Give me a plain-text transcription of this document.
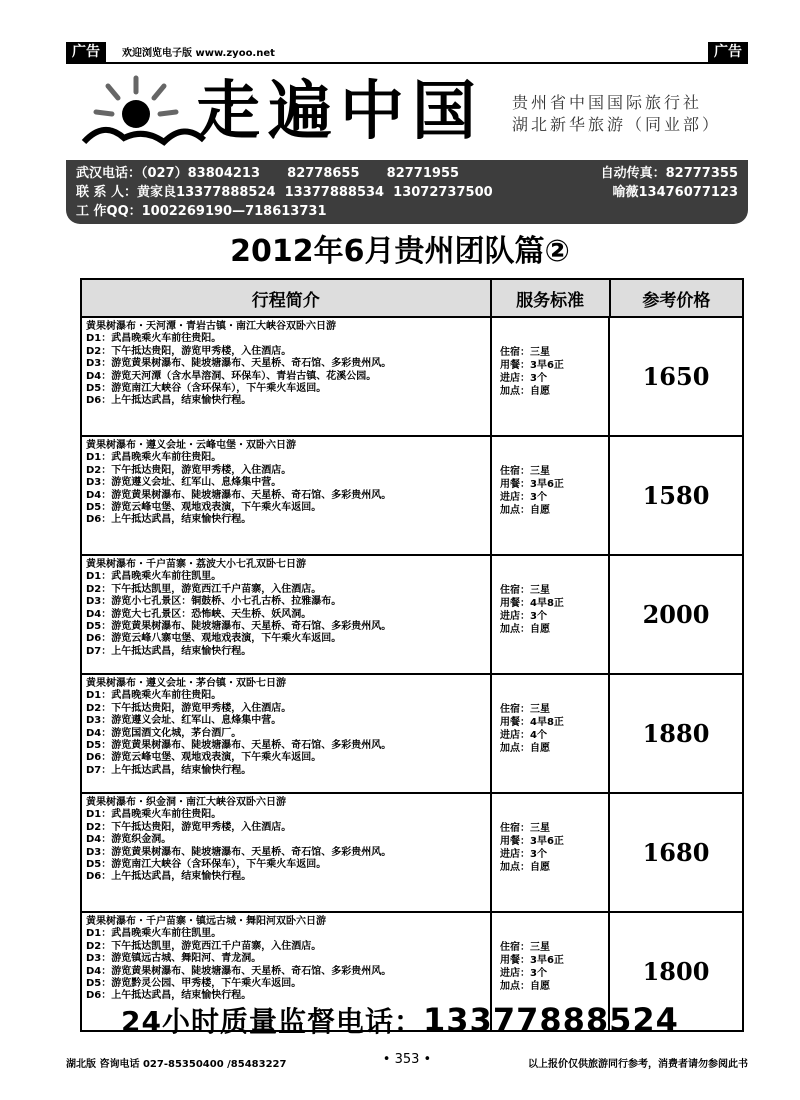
广告	欢迎浏览电子版 www.zyoo.net	广告
走遍中国 贵州省中国国际旅行社
湖北新华旅游（同业部）
武汉电话：（027）83804213      82778655      82771955	自动传真：82777355
联 系 人：黄家良13377888524  13377888534  13072737500	喻薇13476077123
工 作QQ：1002269190—718613731
2012年6月贵州团队篇②
行程简介	服务标准	参考价格
黄果树瀑布・天河潭・青岩古镇・南江大峡谷双卧六日游
D1：武昌晚乘火车前往贵阳。
D2：下午抵达贵阳，游览甲秀楼，入住酒店。
D3：游览黄果树瀑布、陡坡塘瀑布、天星桥、奇石馆、多彩贵州风。
D4：游览天河潭（含水旱溶洞、环保车）、青岩古镇、花溪公园。
D5：游览南江大峡谷（含环保车），下午乘火车返回。
D6：上午抵达武昌，结束愉快行程。
住宿：三星
用餐：3早6正
进店：3个
加点：自愿
1650
黄果树瀑布・遵义会址・云峰屯堡・双卧六日游
D1：武昌晚乘火车前往贵阳。
D2：下午抵达贵阳，游览甲秀楼，入住酒店。
D3：游览遵义会址、红军山、息烽集中营。
D4：游览黄果树瀑布、陡坡塘瀑布、天星桥、奇石馆、多彩贵州风。
D5：游览云峰屯堡、观地戏表演，下午乘火车返回。
D6：上午抵达武昌，结束愉快行程。
住宿：三星
用餐：3早6正
进店：3个
加点：自愿
1580
黄果树瀑布・千户苗寨・荔波大小七孔双卧七日游
D1：武昌晚乘火车前往凯里。
D2：下午抵达凯里，游览西江千户苗寨，入住酒店。
D3：游览小七孔景区：铜鼓桥、小七孔古桥、拉雅瀑布。
D4：游览大七孔景区：恐怖峡、天生桥、妖风洞。
D5：游览黄果树瀑布、陡坡塘瀑布、天星桥、奇石馆、多彩贵州风。
D6：游览云峰八寨屯堡、观地戏表演，下午乘火车返回。
D7：上午抵达武昌，结束愉快行程。
住宿：三星
用餐：4早8正
进店：3个
加点：自愿
2000
黄果树瀑布・遵义会址・茅台镇・双卧七日游
D1：武昌晚乘火车前往贵阳。
D2：下午抵达贵阳，游览甲秀楼，入住酒店。
D3：游览遵义会址、红军山、息烽集中营。
D4：游览国酒文化城，茅台酒厂。
D5：游览黄果树瀑布、陡坡塘瀑布、天星桥、奇石馆、多彩贵州风。
D6：游览云峰屯堡、观地戏表演，下午乘火车返回。
D7：上午抵达武昌，结束愉快行程。
住宿：三星
用餐：4早8正
进店：4个
加点：自愿
1880
黄果树瀑布・织金洞・南江大峡谷双卧六日游
D1：武昌晚乘火车前往贵阳。
D2：下午抵达贵阳，游览甲秀楼，入住酒店。
D4：游览织金洞。
D3：游览黄果树瀑布、陡坡塘瀑布、天星桥、奇石馆、多彩贵州风。
D5：游览南江大峡谷（含环保车），下午乘火车返回。
D6：上午抵达武昌，结束愉快行程。
住宿：三星
用餐：3早6正
进店：3个
加点：自愿
1680
黄果树瀑布・千户苗寨・镇远古城・舞阳河双卧六日游
D1：武昌晚乘火车前往凯里。
D2：下午抵达凯里，游览西江千户苗寨，入住酒店。
D3：游览镇远古城、舞阳河、青龙洞。
D4：游览黄果树瀑布、陡坡塘瀑布、天星桥、奇石馆、多彩贵州风。
D5：游览黔灵公园、甲秀楼，下午乘火车返回。
D6：上午抵达武昌，结束愉快行程。
住宿：三星
用餐：3早6正
进店：3个
加点：自愿
1800
24小时质量监督电话：13377888524
湖北版 咨询电话 027-85350400 /85483227	• 353 •	以上报价仅供旅游同行参考，消费者请勿参阅此书
